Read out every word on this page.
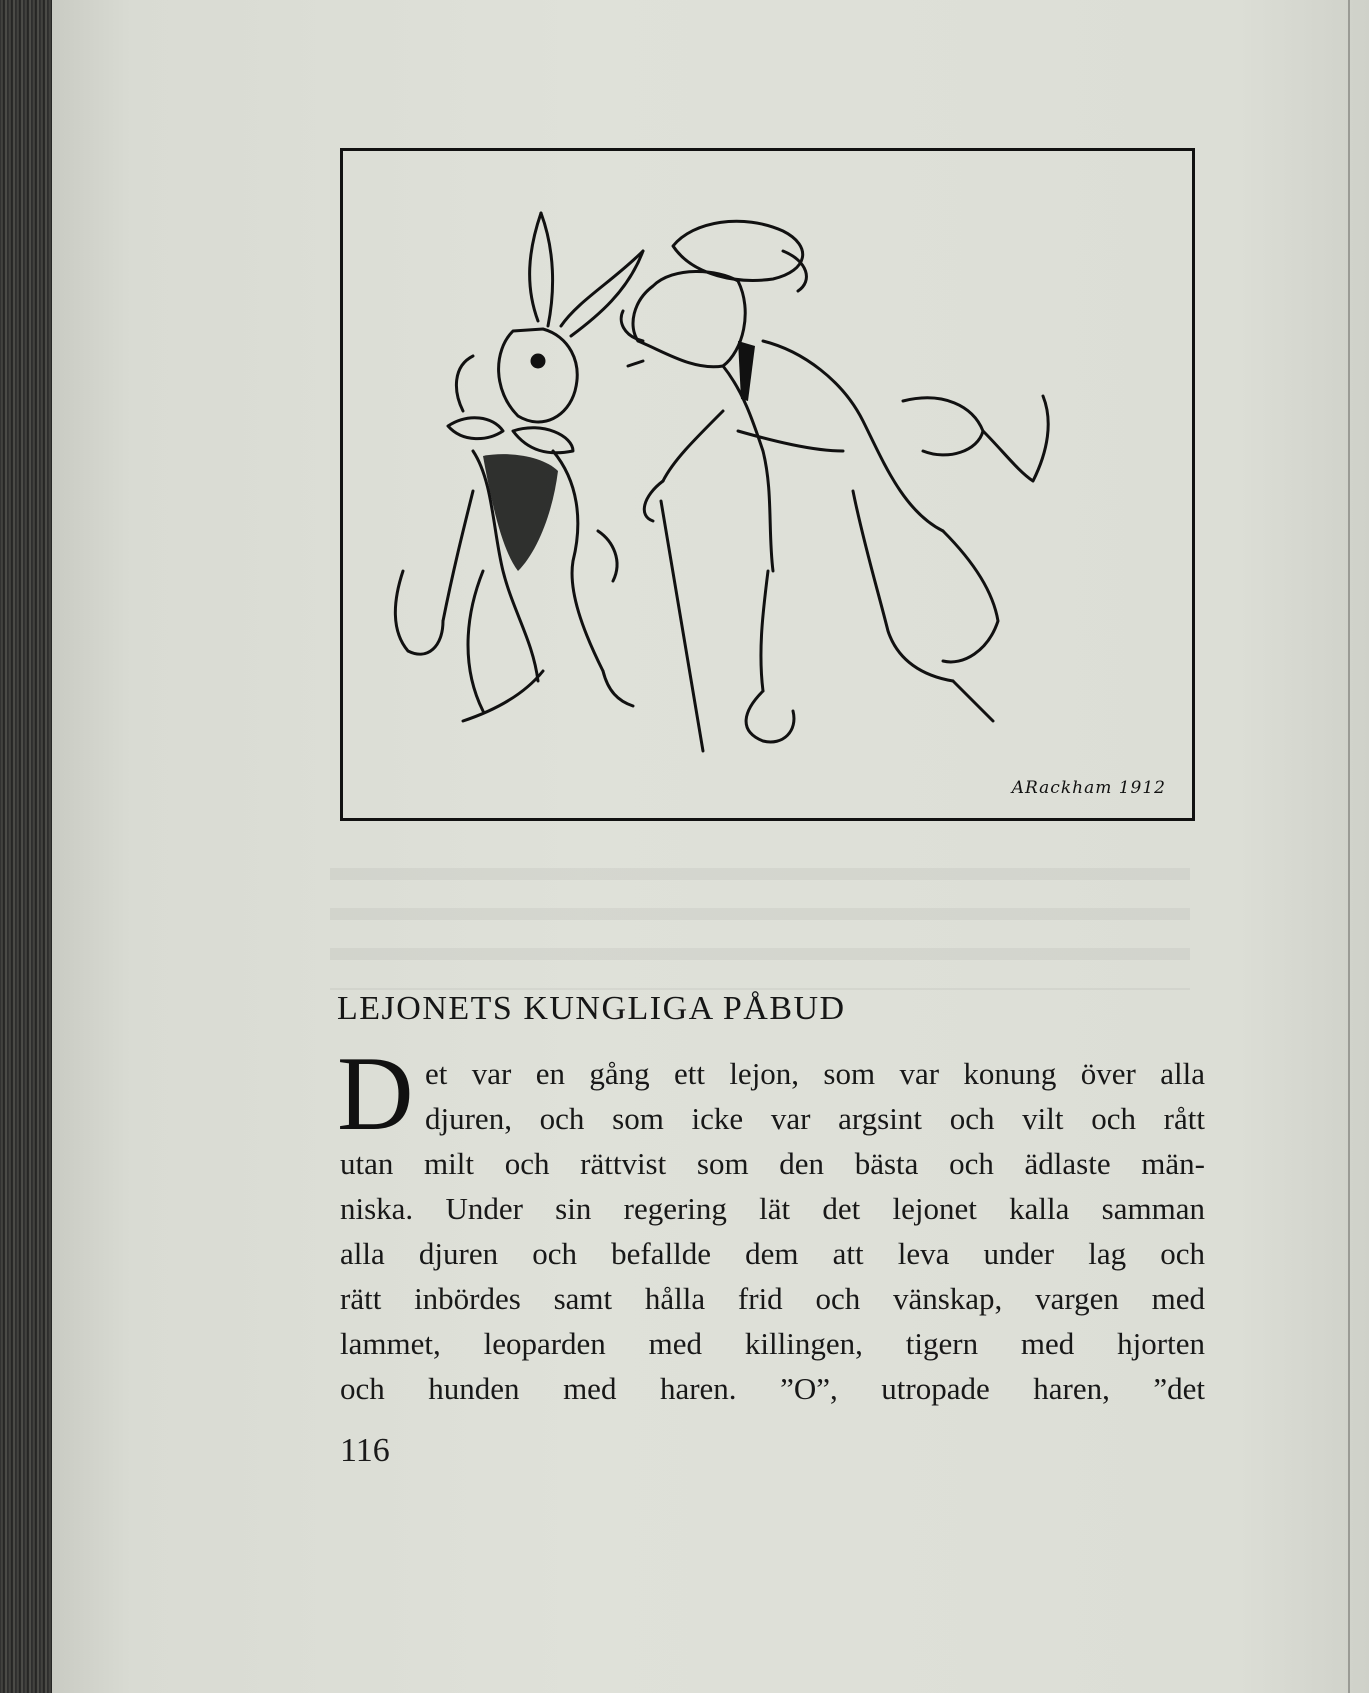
ARackham 1912
LEJONETS KUNGLIGA PÅBUD
D et var en gång ett lejon, som var konung över alla
djuren, och som icke var argsint och vilt och rått
utan milt och rättvist som den bästa och ädlaste män-
niska. Under sin regering lät det lejonet kalla samman
alla djuren och befallde dem att leva under lag och
rätt inbördes samt hålla frid och vänskap, vargen med
lammet, leoparden med killingen, tigern med hjorten
och hunden med haren. ”O”, utropade haren, ”det
116
